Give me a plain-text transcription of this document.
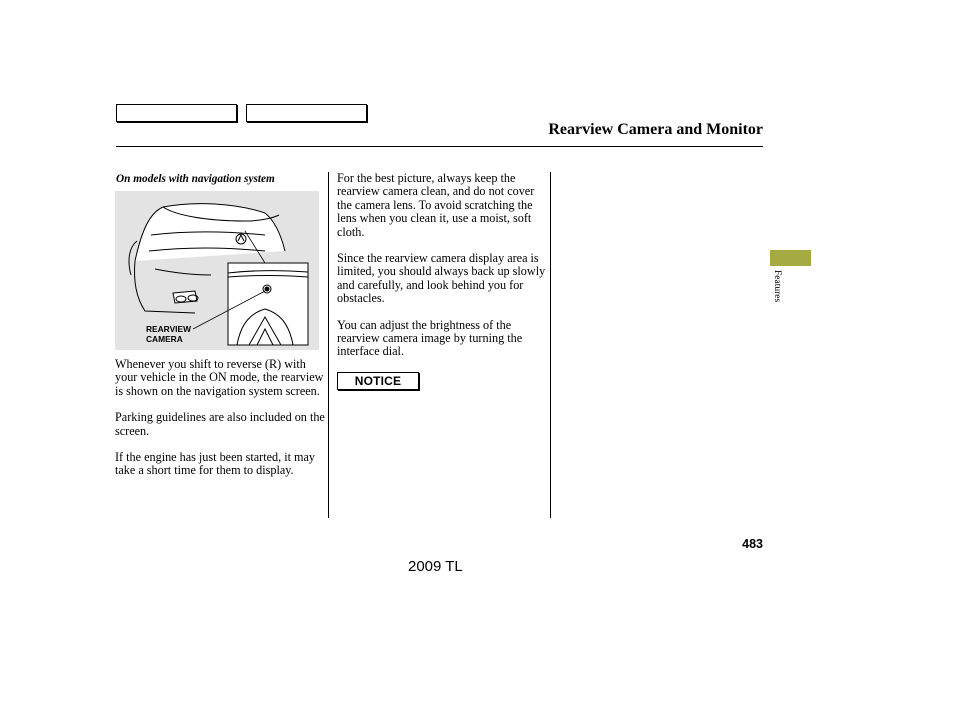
Rearview Camera and Monitor
On models with navigation system
REARVIEW
CAMERA

Whenever you shift to reverse (R) with your vehicle in the ON mode, the rearview is shown on the navigation system screen.

Parking guidelines are also included on the screen.

If the engine has just been started, it may take a short time for them to display.

For the best picture, always keep the rearview camera clean, and do not cover the camera lens. To avoid scratching the lens when you clean it, use a moist, soft cloth.

Since the rearview camera display area is limited, you should always back up slowly and carefully, and look behind you for obstacles.

You can adjust the brightness of the rearview camera image by turning the interface dial.

NOTICE
Features
483
2009 TL
